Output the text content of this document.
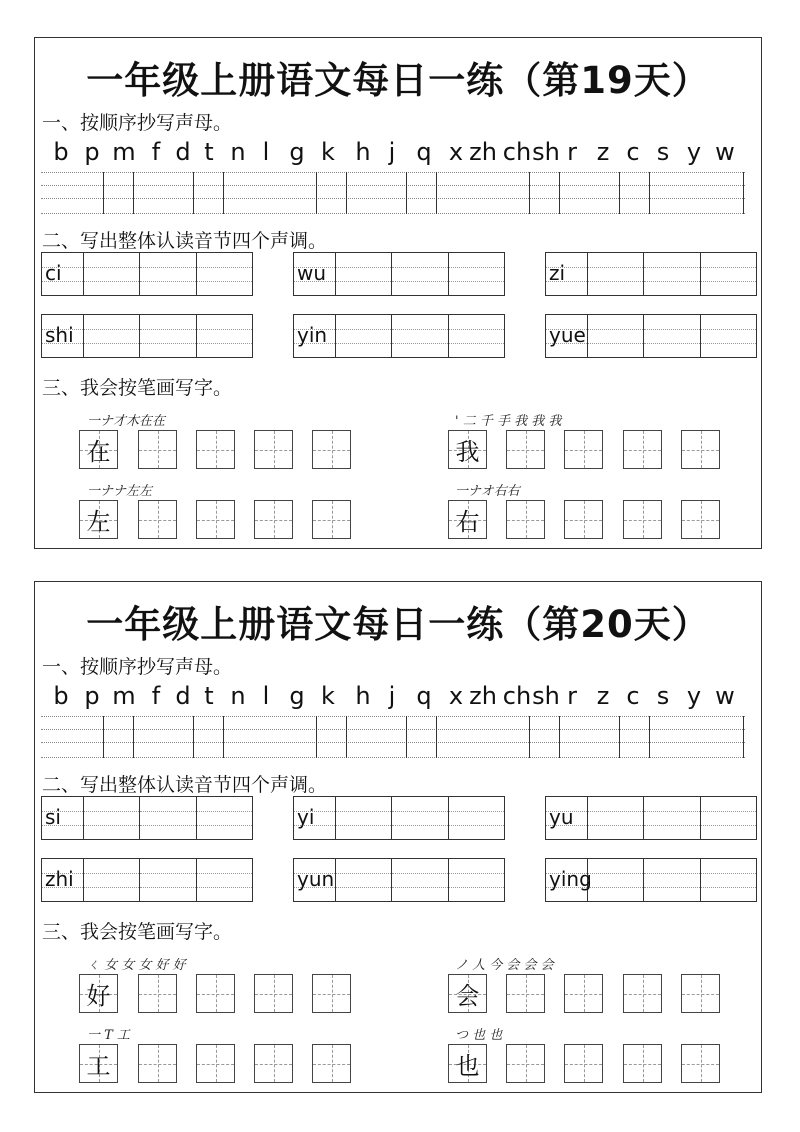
一年级上册语文每日一练（第19天）
一、按顺序抄写声母。
b p m f d t n l g k h j q x zh ch sh r z c s y w
二、写出整体认读音节四个声调。
ci	wu	zi
shi	yin	yue
三、我会按笔画写字。
一ナ才木在在
在
' 二 千 手 我 我 我
我
一ナナ左左
左
一ナオ右右
右
一年级上册语文每日一练（第20天）
一、按顺序抄写声母。
b p m f d t n l g k h j q x zh ch sh r z c s y w
二、写出整体认读音节四个声调。
si	yi	yu
zhi	yun	ying
三、我会按笔画写字。
ㄑ 女 女 女 好 好
好
ノ 人 今 会 会 会
会
一 T 工
工
つ 也 也
也
